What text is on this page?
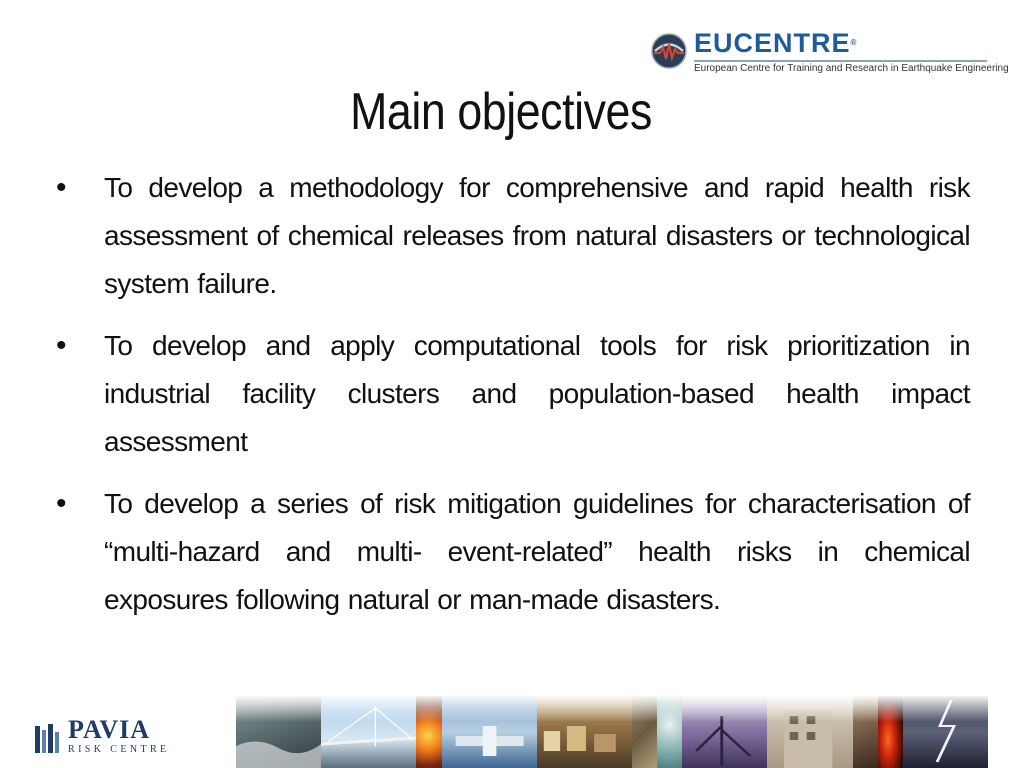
EUCENTRE®
European Centre for Training and Research in Earthquake Engineering
Main objectives
• To develop a methodology for comprehensive and rapid health risk assessment of chemical releases from natural disasters or technological system failure.
• To develop and apply computational tools for risk prioritization in industrial facility clusters and population-based health impact assessment
• To develop a series of risk mitigation guidelines for characterisation of “multi-hazard and multi- event-related” health risks in chemical exposures following natural or man-made disasters.
PAVIA
RISK CENTRE
